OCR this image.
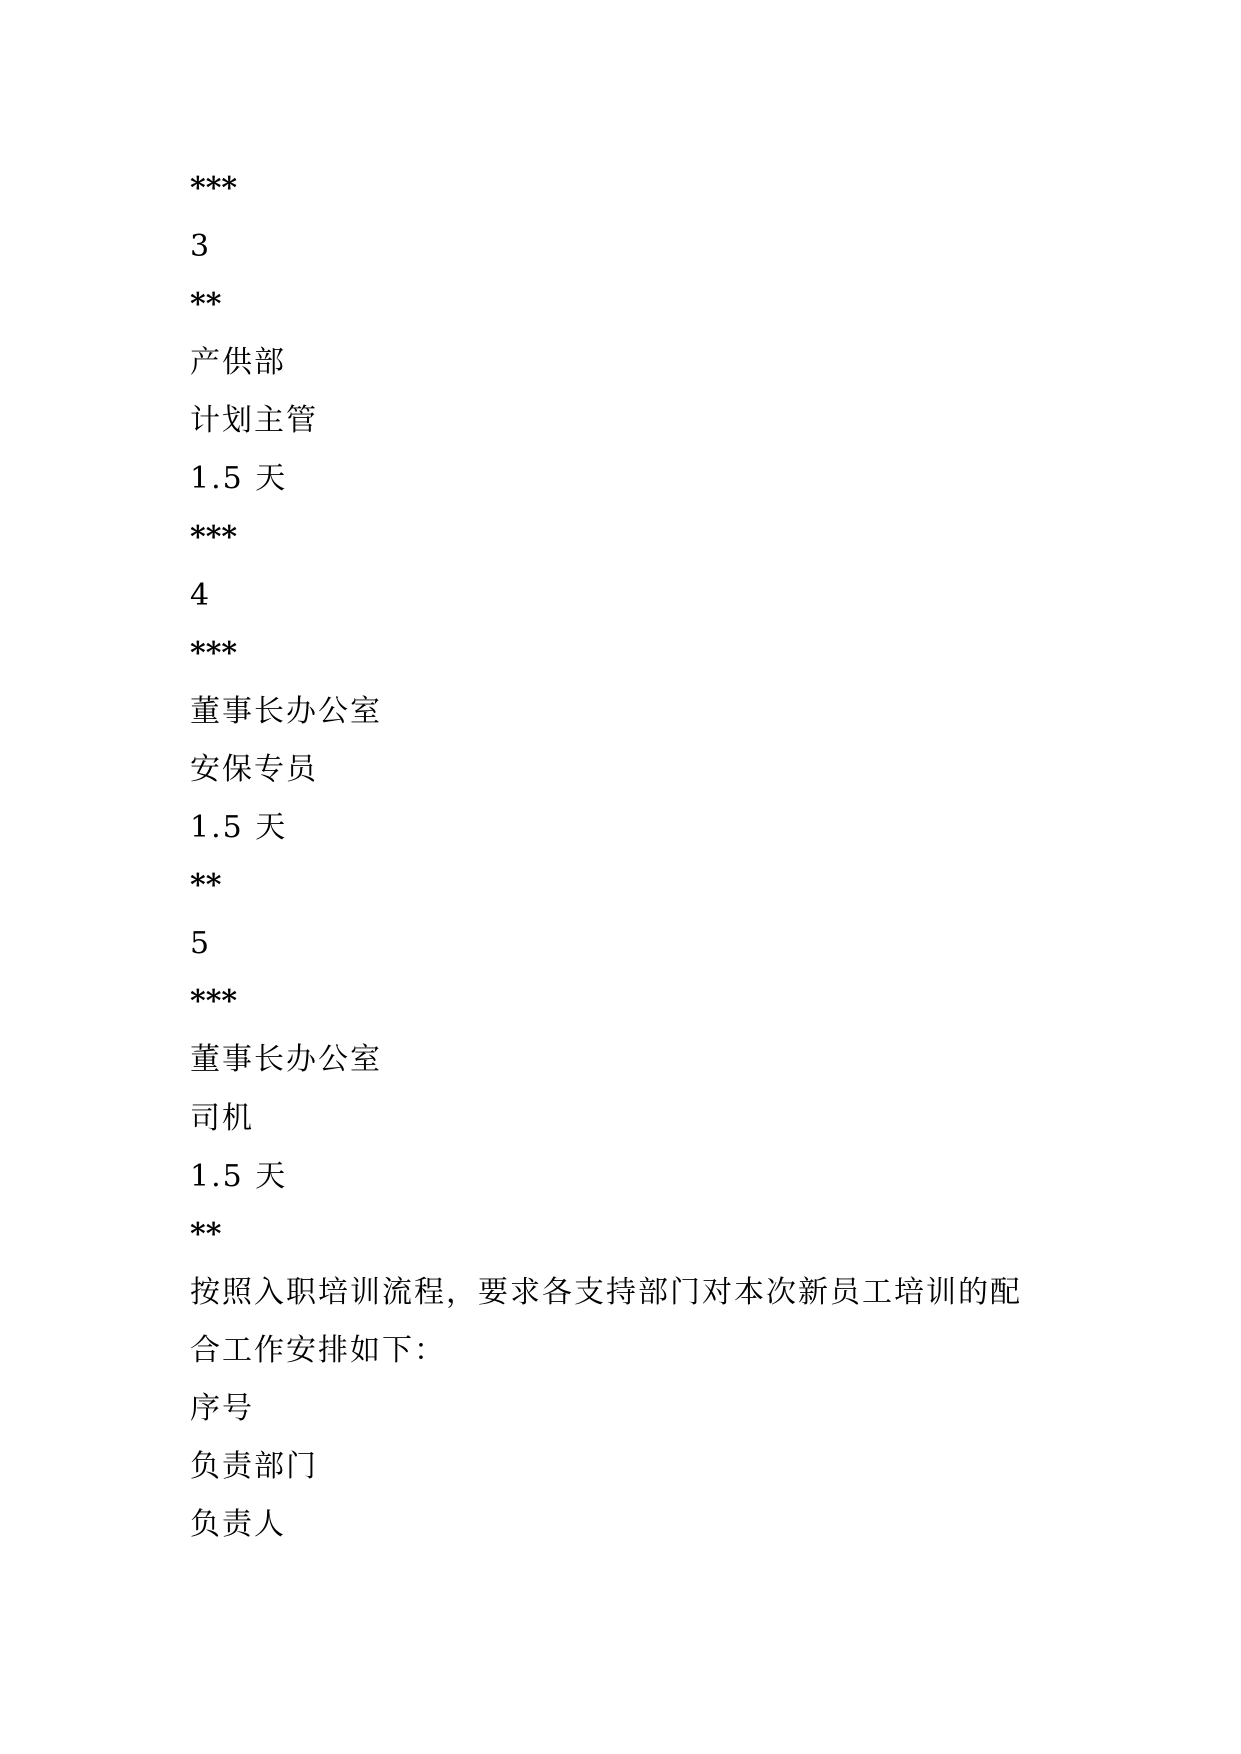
***
3
**
产供部
计划主管
1.5 天
***
4
***
董事长办公室
安保专员
1.5 天
**
5
***
董事长办公室
司机
1.5 天
**
按照入职培训流程，要求各支持部门对本次新员工培训的配
合工作安排如下：
序号
负责部门
负责人
